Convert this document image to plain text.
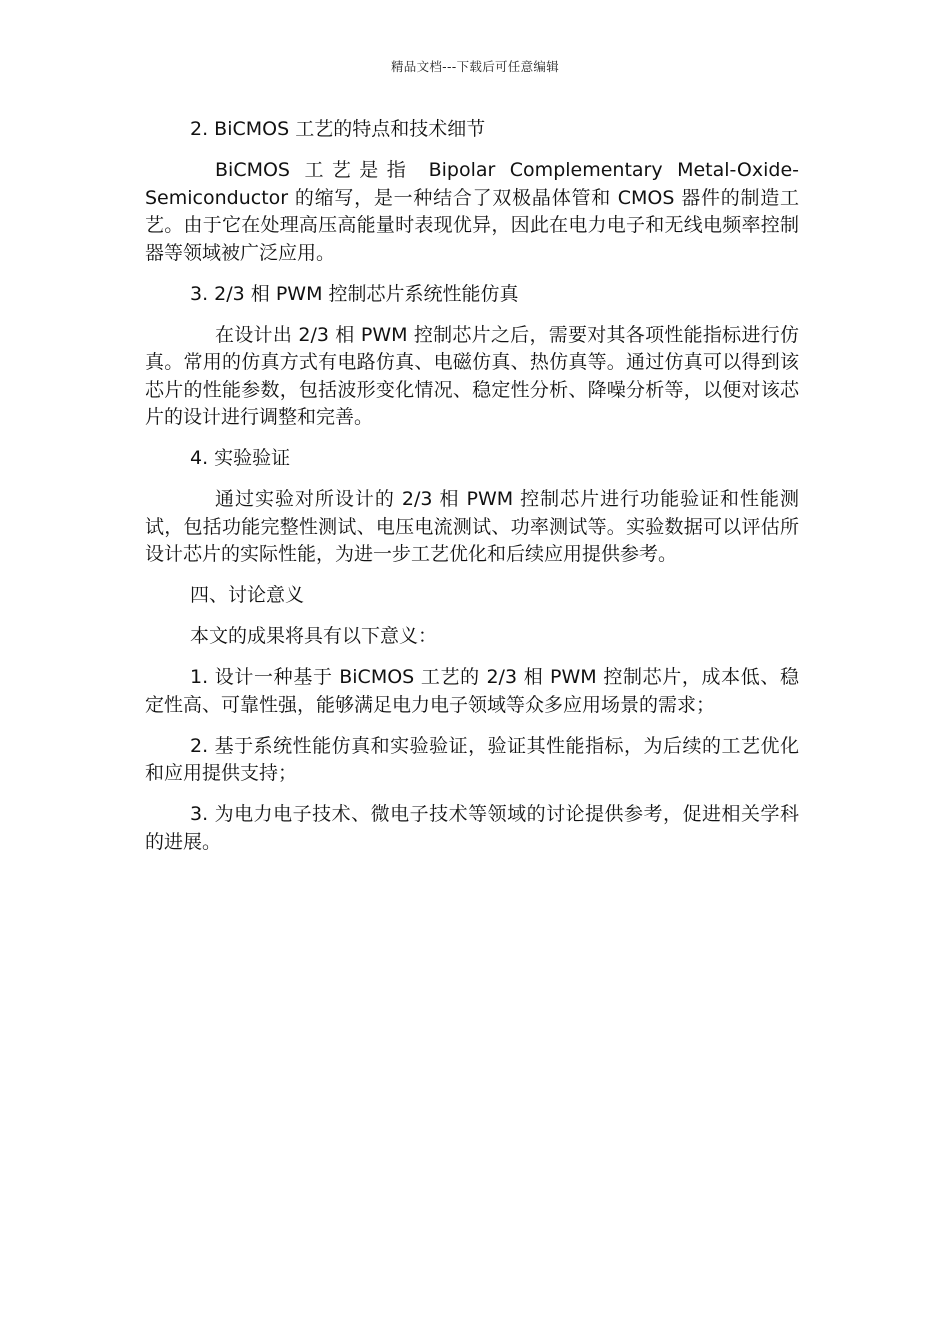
精品文档---下载后可任意编辑

2. BiCMOS 工艺的特点和技术细节

BiCMOS 工艺是指 Bipolar Complementary Metal-Oxide-Semiconductor 的缩写，是一种结合了双极晶体管和 CMOS 器件的制造工艺。由于它在处理高压高能量时表现优异，因此在电力电子和无线电频率控制器等领域被广泛应用。

3. 2/3 相 PWM 控制芯片系统性能仿真

在设计出 2/3 相 PWM 控制芯片之后，需要对其各项性能指标进行仿真。常用的仿真方式有电路仿真、电磁仿真、热仿真等。通过仿真可以得到该芯片的性能参数，包括波形变化情况、稳定性分析、降噪分析等，以便对该芯片的设计进行调整和完善。

4. 实验验证

通过实验对所设计的 2/3 相 PWM 控制芯片进行功能验证和性能测试，包括功能完整性测试、电压电流测试、功率测试等。实验数据可以评估所设计芯片的实际性能，为进一步工艺优化和后续应用提供参考。

四、讨论意义

本文的成果将具有以下意义：

1. 设计一种基于 BiCMOS 工艺的 2/3 相 PWM 控制芯片，成本低、稳定性高、可靠性强，能够满足电力电子领域等众多应用场景的需求；

2. 基于系统性能仿真和实验验证，验证其性能指标，为后续的工艺优化和应用提供支持；

3. 为电力电子技术、微电子技术等领域的讨论提供参考，促进相关学科的进展。
